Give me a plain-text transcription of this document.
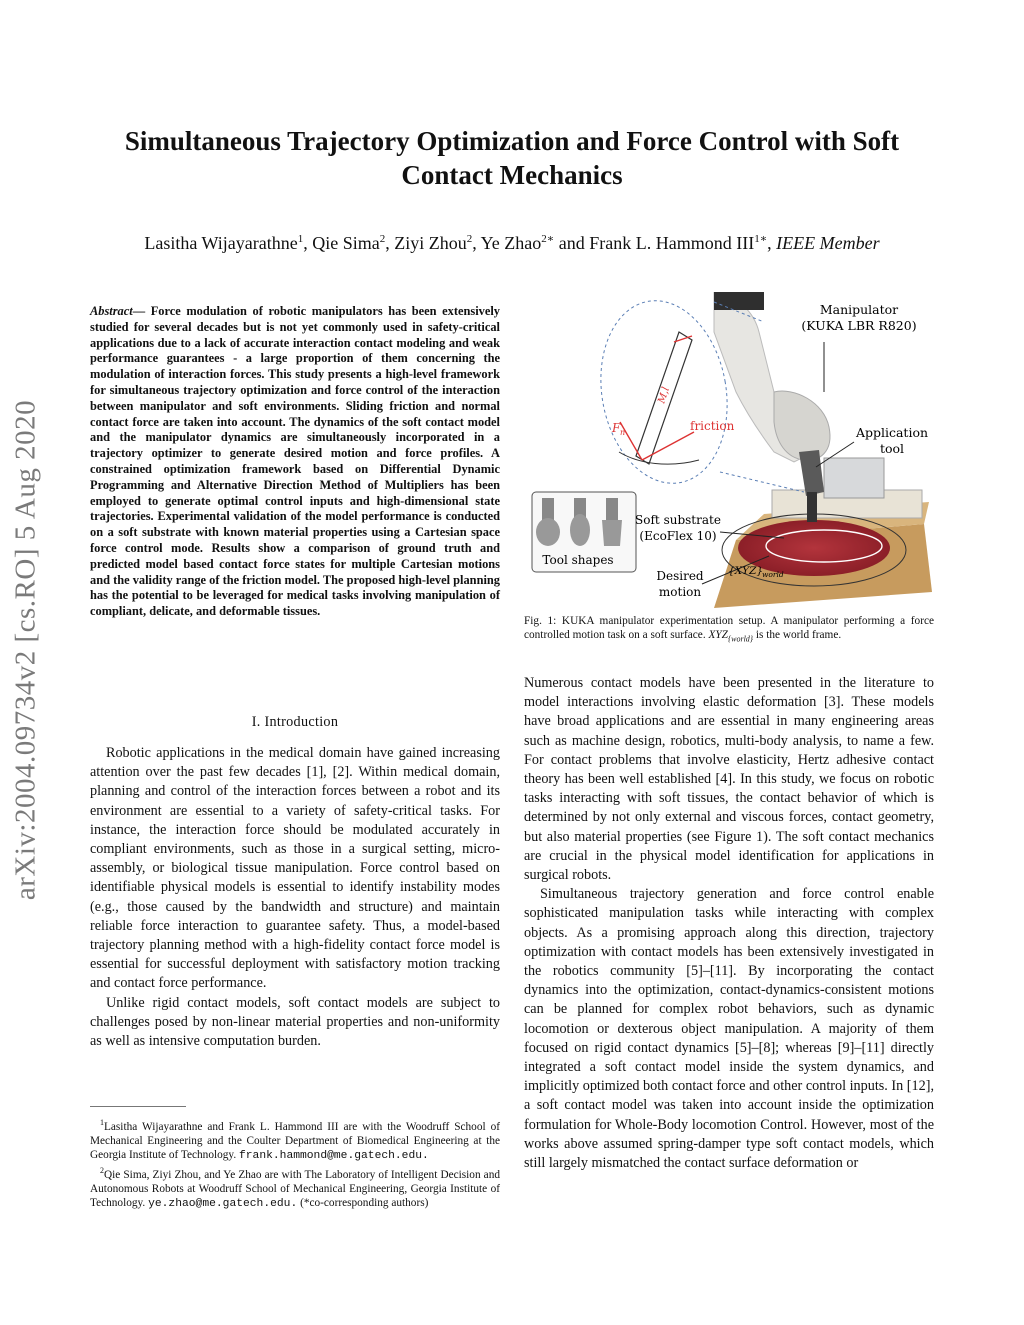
arXiv:2004.09734v2 [cs.RO] 5 Aug 2020
Simultaneous Trajectory Optimization and Force Control with Soft Contact Mechanics
Lasitha Wijayarathne$^1$, Qie Sima$^2$, Ziyi Zhou$^2$, Ye Zhao$^{2∗}$ and Frank L. Hammond $III^{1∗}$, IEEE Member
Abstract— Force modulation of robotic manipulators has been extensively studied for several decades but is not yet commonly used in safety-critical applications due to a lack of accurate interaction contact modeling and weak performance guarantees - a large proportion of them concerning the modulation of interaction forces. This study presents a high-level framework for simultaneous trajectory optimization and force control of the interaction between manipulator and soft environments. Sliding friction and normal contact force are taken into account. The dynamics of the soft contact model and the manipulator dynamics are simultaneously incorporated in a trajectory optimizer to generate desired motion and force profiles. A constrained optimization framework based on Differential Dynamic Programming and Alternative Direction Method of Multipliers has been employed to generate optimal control inputs and high-dimensional state trajectories. Experimental validation of the model performance is conducted on a soft substrate with known material properties using a Cartesian space force control mode. Results show a comparison of ground truth and predicted model based contact force states for multiple Cartesian motions and the validity range of the friction model. The proposed high-level planning has the potential to be leveraged for medical tasks involving manipulation of compliant, delicate, and deformable tissues.
I. Introduction

Robotic applications in the medical domain have gained increasing attention over the past few decades [1], [2]. Within medical domain, planning and control of the interaction forces between a robot and its environment are essential to a variety of safety-critical tasks. For instance, the interaction force should be modulated accurately in compliant environments, such as those in a surgical setting, micro-assembly, or biological tissue manipulation. Force control based on identifiable physical models is essential to identify instability modes (e.g., those caused by the bandwidth and structure) and maintain reliable force interaction to guarantee safety. Thus, a model-based trajectory planning method with a high-fidelity contact force model is essential for successful deployment with satisfactory motion tracking and contact force performance.

Unlike rigid contact models, soft contact models are subject to challenges posed by non-linear material properties and non-uniformity as well as intensive computation burden.

$^1$Lasitha Wijayarathne and Frank L. Hammond III are with the Woodruff School of Mechanical Engineering and the Coulter Department of Biomedical Engineering at the Georgia Institute of Technology. frank.hammond@me.gatech.edu.

$^2$Qie Sima, Ziyi Zhou, and Ye Zhao are with The Laboratory of Intelligent Decision and Autonomous Robots at Woodruff School of Mechanical Engineering, Georgia Institute of Technology. ye.zhao@me.gatech.edu. (*co-corresponding authors)

Manipulator
(KUKA LBR R820)
Application
tool
Soft substrate
(EcoFlex 10)
Tool shapes
Desired
motion
friction
F n
M,l
{XYZ}
world
Fig. 1: KUKA manipulator experimentation setup. A manipulator performing a force controlled motion task on a soft surface. $XYZ_{\{world\}}$ is the world frame.

Numerous contact models have been presented in the literature to model interactions involving elastic deformation [3]. These models have broad applications and are essential in many engineering areas such as machine design, robotics, multi-body analysis, to name a few. For contact problems that involve elasticity, Hertz adhesive contact theory has been well established [4]. In this study, we focus on robotic tasks interacting with soft tissues, the contact behavior of which is determined by not only external and viscous forces, contact geometry, but also material properties (see Figure 1). The soft contact mechanics are crucial in the physical model identification for applications in surgical robots.

Simultaneous trajectory generation and force control enable sophisticated manipulation tasks while interacting with complex objects. As a promising approach along this direction, trajectory optimization with contact models has been extensively investigated in the robotics community [5]–[11]. By incorporating the contact dynamics into the optimization, contact-dynamics-consistent motions can be planned for complex robot behaviors, such as dynamic locomotion or dexterous object manipulation. A majority of them focused on rigid contact dynamics [5]–[8]; whereas [9]–[11] directly integrated a soft contact model inside the system dynamics, and implicitly optimized both contact force and other control inputs. In [12], a soft contact model was taken into account inside the optimization formulation for Whole-Body locomotion Control. However, most of the works above assumed spring-damper type soft contact models, which still largely mismatched the contact surface deformation or
